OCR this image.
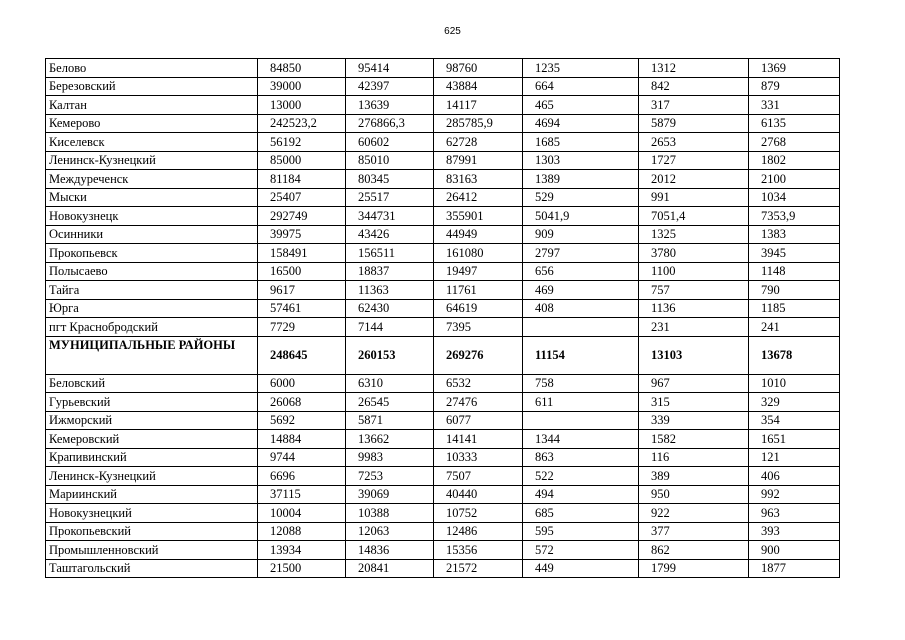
625
Белово	84850	95414	98760	1235	1312	1369
Березовский	39000	42397	43884	664	842	879
Калтан	13000	13639	14117	465	317	331
Кемерово	242523,2	276866,3	285785,9	4694	5879	6135
Киселевск	56192	60602	62728	1685	2653	2768
Ленинск-Кузнецкий	85000	85010	87991	1303	1727	1802
Междуреченск	81184	80345	83163	1389	2012	2100
Мыски	25407	25517	26412	529	991	1034
Новокузнецк	292749	344731	355901	5041,9	7051,4	7353,9
Осинники	39975	43426	44949	909	1325	1383
Прокопьевск	158491	156511	161080	2797	3780	3945
Полысаево	16500	18837	19497	656	1100	1148
Тайга	9617	11363	11761	469	757	790
Юрга	57461	62430	64619	408	1136	1185
пгт Краснобродский	7729	7144	7395		231	241
МУНИЦИПАЛЬНЫЕ РАЙОНЫ	248645	260153	269276	11154	13103	13678
Беловский	6000	6310	6532	758	967	1010
Гурьевский	26068	26545	27476	611	315	329
Ижморский	5692	5871	6077		339	354
Кемеровский	14884	13662	14141	1344	1582	1651
Крапивинский	9744	9983	10333	863	116	121
Ленинск-Кузнецкий	6696	7253	7507	522	389	406
Мариинский	37115	39069	40440	494	950	992
Новокузнецкий	10004	10388	10752	685	922	963
Прокопьевский	12088	12063	12486	595	377	393
Промышленновский	13934	14836	15356	572	862	900
Таштагольский	21500	20841	21572	449	1799	1877
